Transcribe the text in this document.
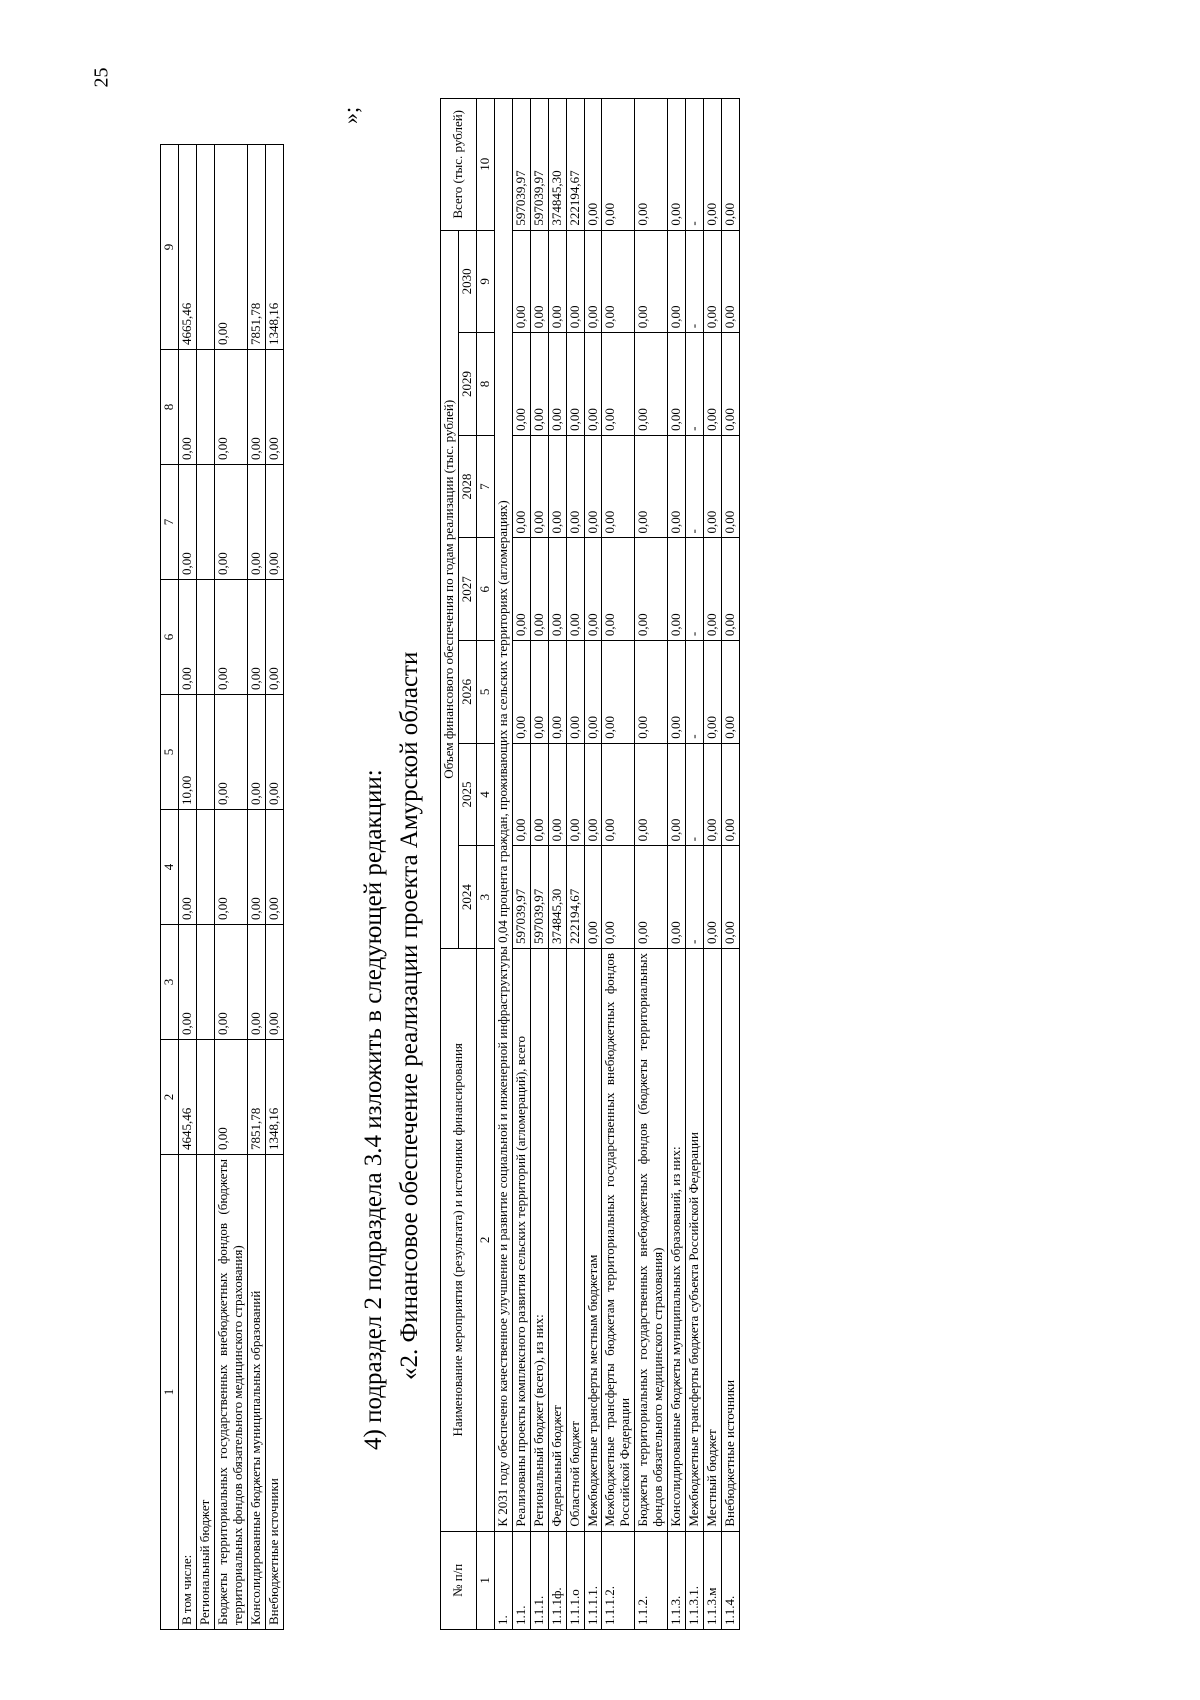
25
1	2	3	4	5	6	7	8	9
В том числе:	4645,46	0,00	0,00	10,00	0,00	0,00	0,00	4665,46
Региональный бюджет								
Бюджеты территориальных государственных внебюджетных фондов (бюджеты территориальных фондов обязательного медицинского страхования)	0,00	0,00	0,00	0,00	0,00	0,00	0,00	0,00
Консолидированные бюджеты муниципальных образований	7851,78	0,00	0,00	0,00	0,00	0,00	0,00	7851,78
Внебюджетные источники	1348,16	0,00	0,00	0,00	0,00	0,00	0,00	1348,16
»;
4) подраздел 2 подраздела 3.4 изложить в следующей редакции: «2. Финансовое обеспечение реализации проекта Амурской области
№ п/п	Наименование мероприятия (результата) и источники финансирования	Объем финансового обеспечения по годам реализации (тыс. рублей)							Всего (тыс. рублей)
		2024	2025	2026	2027	2028	2029	2030	
1	2	3	4	5	6	7	8	9	10
1.	К 2031 году обеспечено качественное улучшение и развитие социальной и инженерной инфраструктуры 0,04 процента граждан, проживающих на сельских территориях (агломерациях)								
1.1.	Реализованы проекты комплексного развития сельских территорий (агломераций), всего	597039,97	0,00	0,00	0,00	0,00	0,00	0,00	597039,97
1.1.1.	Региональный бюджет (всего), из них:	597039,97	0,00	0,00	0,00	0,00	0,00	0,00	597039,97
1.1.1ф.	Федеральный бюджет	374845,30	0,00	0,00	0,00	0,00	0,00	0,00	374845,30
1.1.1.о	Областной бюджет	222194,67	0,00	0,00	0,00	0,00	0,00	0,00	222194,67
1.1.1.1.	Межбюджетные трансферты местным бюджетам	0,00	0,00	0,00	0,00	0,00	0,00	0,00	0,00
1.1.1.2.	Межбюджетные трансферты бюджетам территориальных государственных внебюджетных фондов Российской Федерации	0,00	0,00	0,00	0,00	0,00	0,00	0,00	0,00
1.1.2.	Бюджеты территориальных государственных внебюджетных фондов (бюджеты территориальных фондов обязательного медицинского страхования)	0,00	0,00	0,00	0,00	0,00	0,00	0,00	0,00
1.1.3.	Консолидированные бюджеты муниципальных образований, из них:	0,00	0,00	0,00	0,00	0,00	0,00	0,00	0,00
1.1.3.1.	Межбюджетные трансферты бюджета субъекта Российской Федерации	-	-	-	-	-	-	-	-
1.1.3.м	Местный бюджет	0,00	0,00	0,00	0,00	0,00	0,00	0,00	0,00
1.1.4.	Внебюджетные источники	0,00	0,00	0,00	0,00	0,00	0,00	0,00	0,00
